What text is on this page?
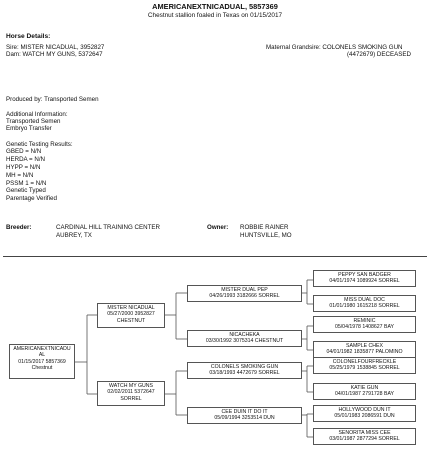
AMERICANEXTNICADUAL, 5857369
Chestnut stallion foaled in Texas on 01/15/2017
Horse Details:
Sire: MISTER NICADUAL, 3952827
Dam: WATCH MY GUNS, 5372647
Maternal Grandsire: COLONELS SMOKING GUN
(4472679) DECEASED
Produced by: Transported Semen
Additional Information:
Transported Semen
Embryo Transfer
Genetic Testing Results:
GBED = N/N
HERDA = N/N
HYPP = N/N
MH = N/N
PSSM 1 = N/N
Genetic Typed
Parentage Verified
Breeder:	CARDINAL HILL TRAINING CENTER
AUBREY, TX
Owner: ROBBIE RAINER
HUNTSVILLE, MO
AMERICANEXTNICADU
AL
01/15/2017 5857369
Chestnut
MISTER NICADUAL
05/27/2000 3952827
CHESTNUT
WATCH MY GUNS
02/02/2011 5372647
SORREL
MISTER DUAL PEP
04/26/1993 3182666 SORREL
NICACHEKA
03/30/1992 3075314 CHESTNUT
COLONELS SMOKING GUN
03/18/1993 4472679 SORREL
CEE DUIN IT DO IT
05/09/1994 3253514 DUN
PEPPY SAN BADGER
04/01/1974 1089924 SORREL
MISS DUAL DOC
01/01/1980 1615218 SORREL
REMINIC
05/04/1978 1408627 BAY
SAMPLE CHEX
04/01/1982 1835877 PALOMINO
COLONELFOURFRECKLE
05/25/1979 1538845 SORREL
KATIE GUN
04/01/1987 2791728 BAY
HOLLYWOOD DUN IT
05/01/1983 2086591 DUN
SENORITA MISS CEE
03/01/1987 2877294 SORREL
